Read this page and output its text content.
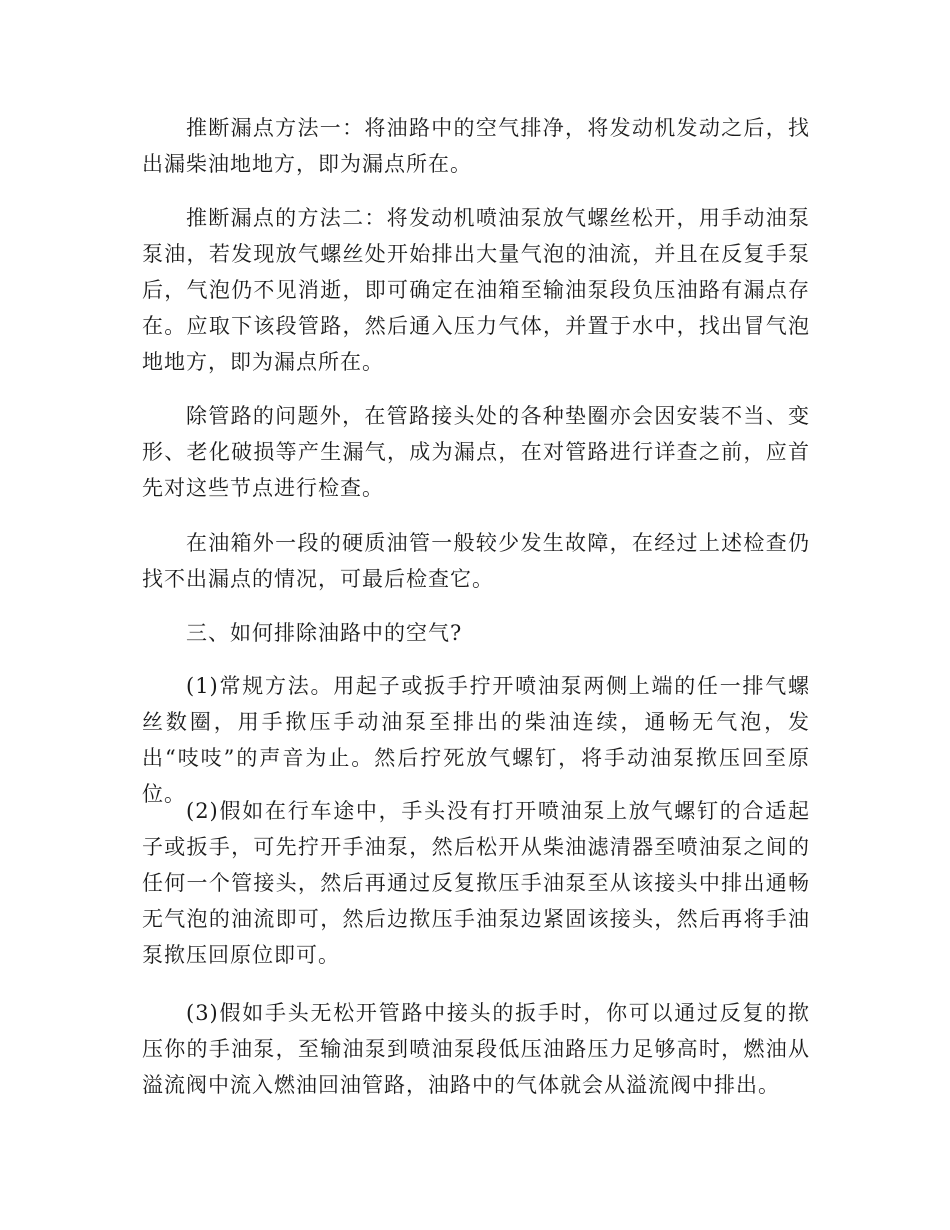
推断漏点方法一：将油路中的空气排净，将发动机发动之后，找出漏柴油地地方，即为漏点所在。

推断漏点的方法二：将发动机喷油泵放气螺丝松开，用手动油泵泵油，若发现放气螺丝处开始排出大量气泡的油流，并且在反复手泵后，气泡仍不见消逝，即可确定在油箱至输油泵段负压油路有漏点存在。应取下该段管路，然后通入压力气体，并置于水中，找出冒气泡地地方，即为漏点所在。

除管路的问题外，在管路接头处的各种垫圈亦会因安装不当、变形、老化破损等产生漏气，成为漏点，在对管路进行详查之前，应首先对这些节点进行检查。

在油箱外一段的硬质油管一般较少发生故障，在经过上述检查仍找不出漏点的情况，可最后检查它。

三、如何排除油路中的空气?

(1)常规方法。用起子或扳手拧开喷油泵两侧上端的任一排气螺丝数圈，用手揿压手动油泵至排出的柴油连续，通畅无气泡，发出“吱吱”的声音为止。然后拧死放气螺钉，将手动油泵揿压回至原位。

(2)假如在行车途中，手头没有打开喷油泵上放气螺钉的合适起子或扳手，可先拧开手油泵，然后松开从柴油滤清器至喷油泵之间的任何一个管接头，然后再通过反复揿压手油泵至从该接头中排出通畅无气泡的油流即可，然后边揿压手油泵边紧固该接头，然后再将手油泵揿压回原位即可。

(3)假如手头无松开管路中接头的扳手时，你可以通过反复的揿压你的手油泵，至输油泵到喷油泵段低压油路压力足够高时，燃油从溢流阀中流入燃油回油管路，油路中的气体就会从溢流阀中排出。
